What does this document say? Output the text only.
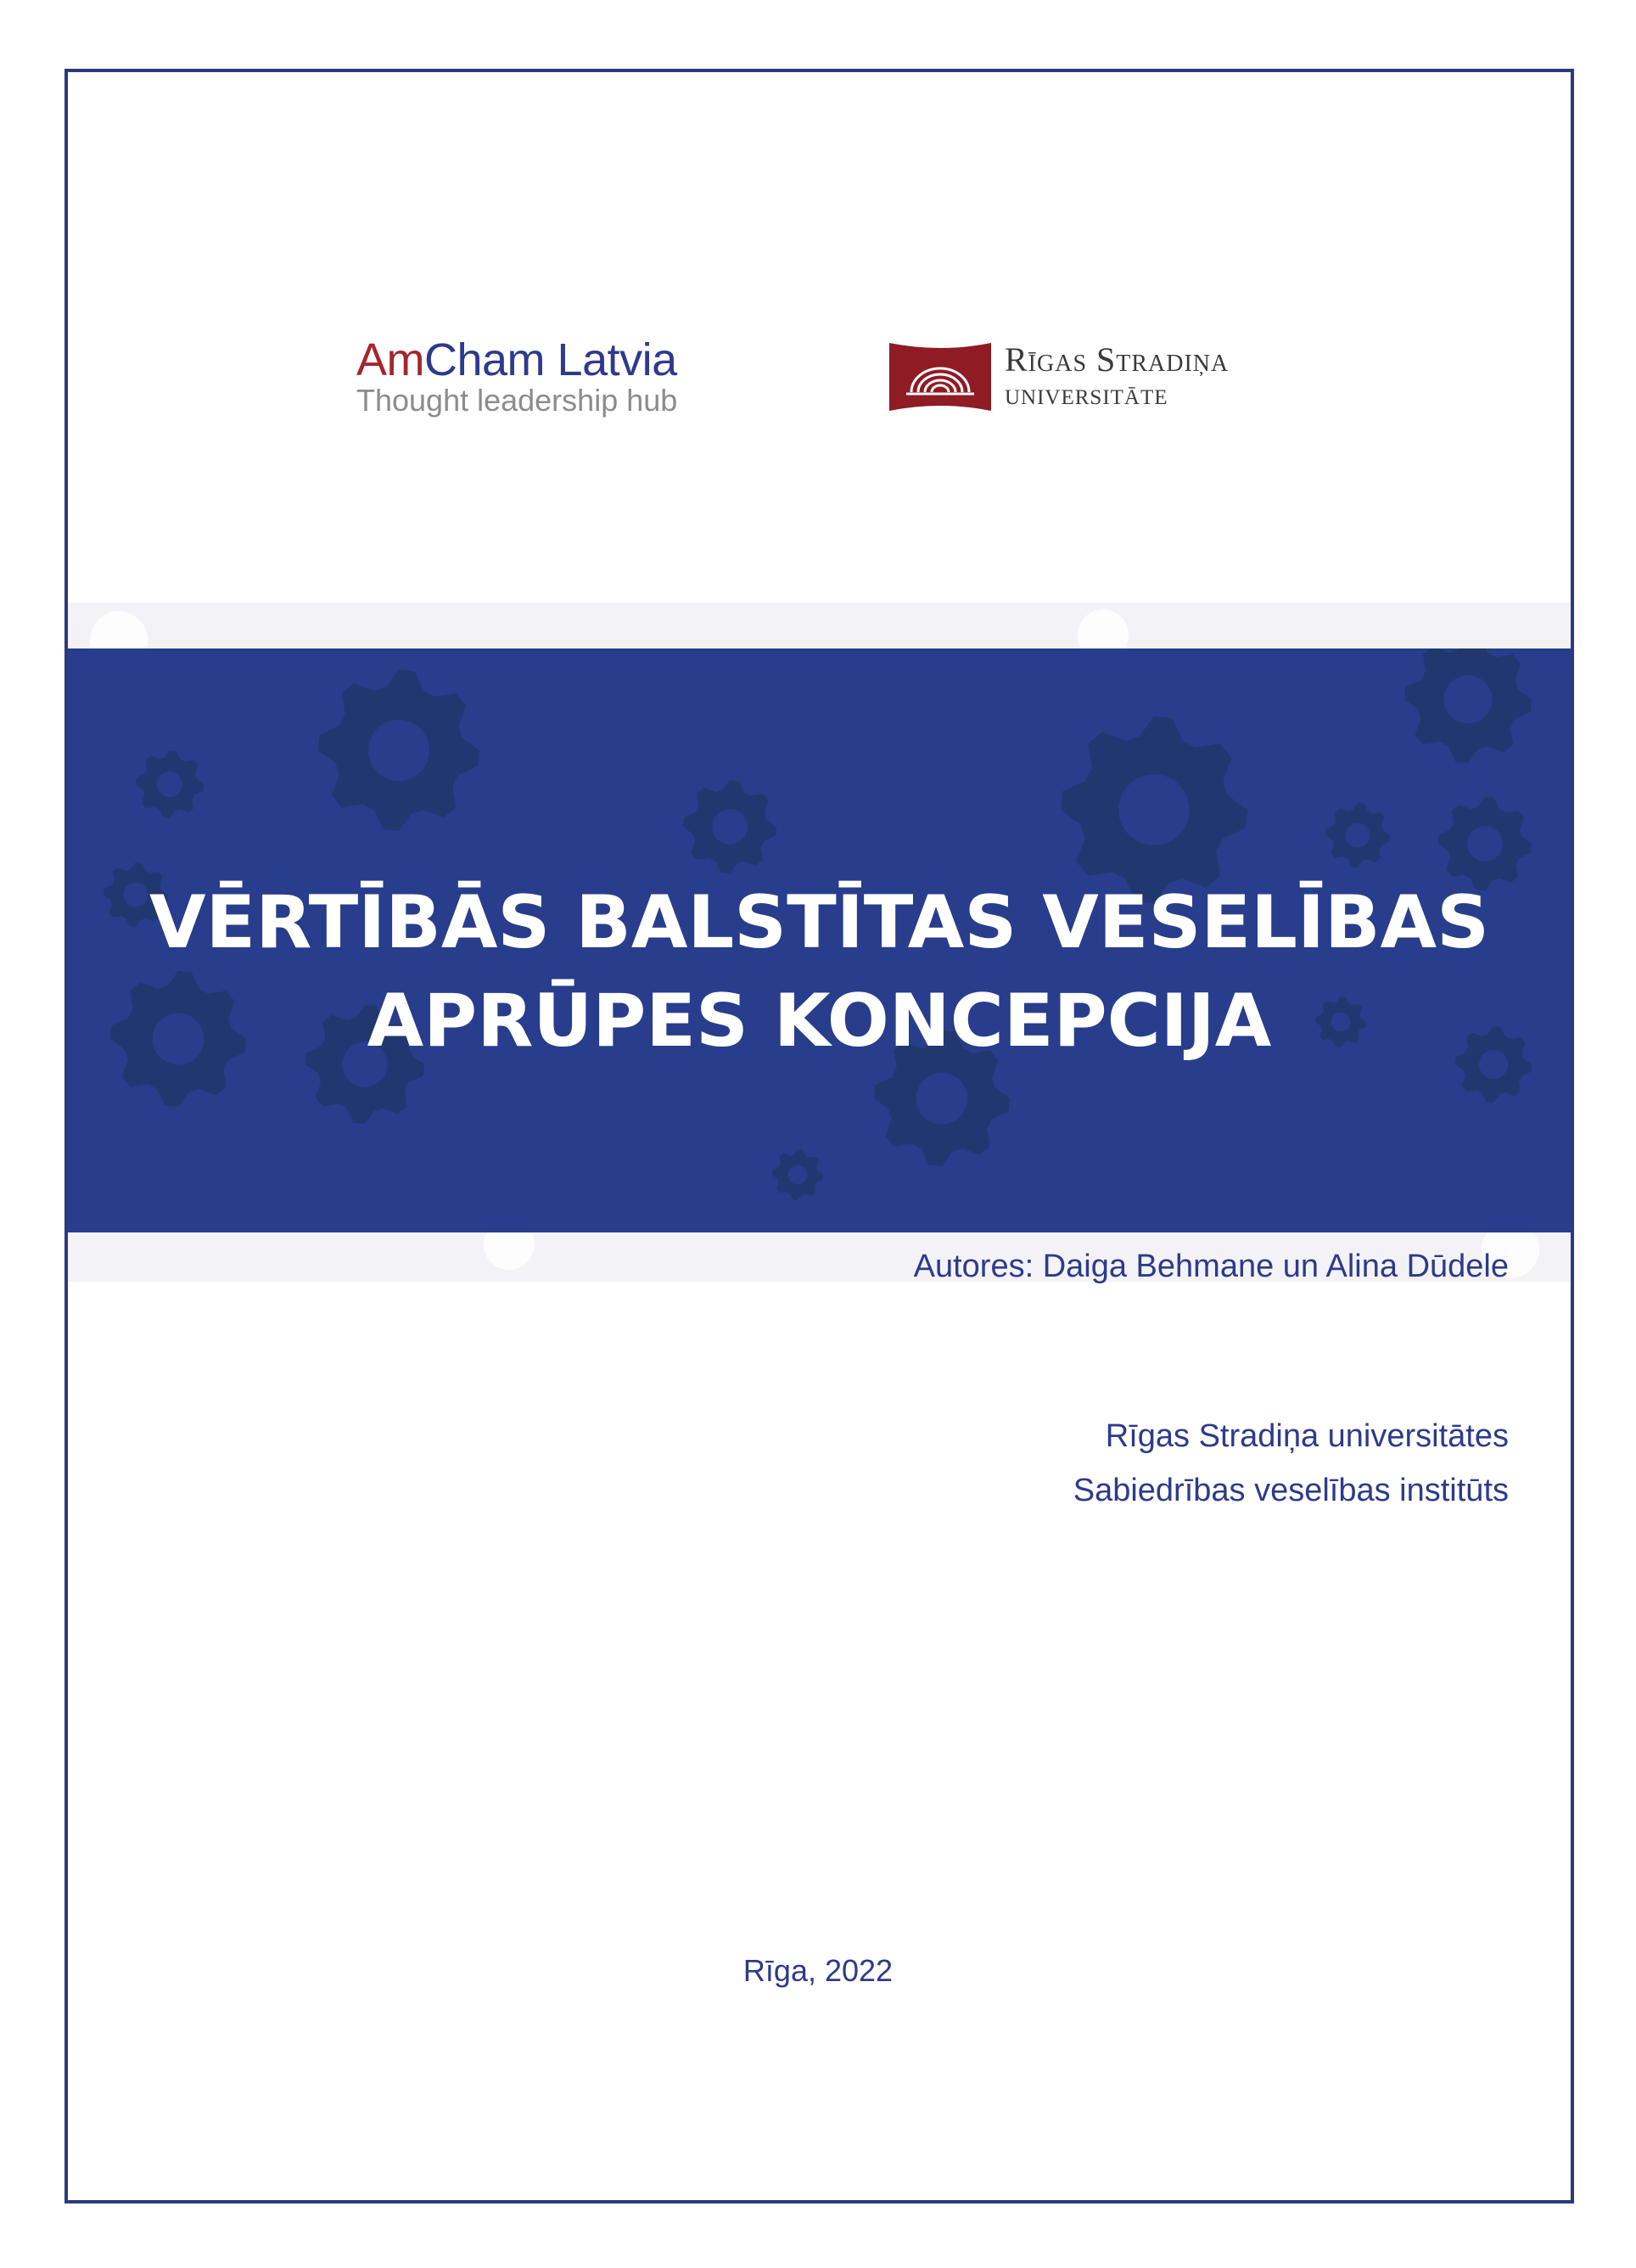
AmCham Latvia
Thought leadership hub
Rīgas Stradiņa
universitāte
VĒRTĪBĀS BALSTĪTAS VESELĪBAS
APRŪPES KONCEPCIJA
Autores: Daiga Behmane un Alina Dūdele
Rīgas Stradiņa universitātes
Sabiedrības veselības institūts
Rīga, 2022
